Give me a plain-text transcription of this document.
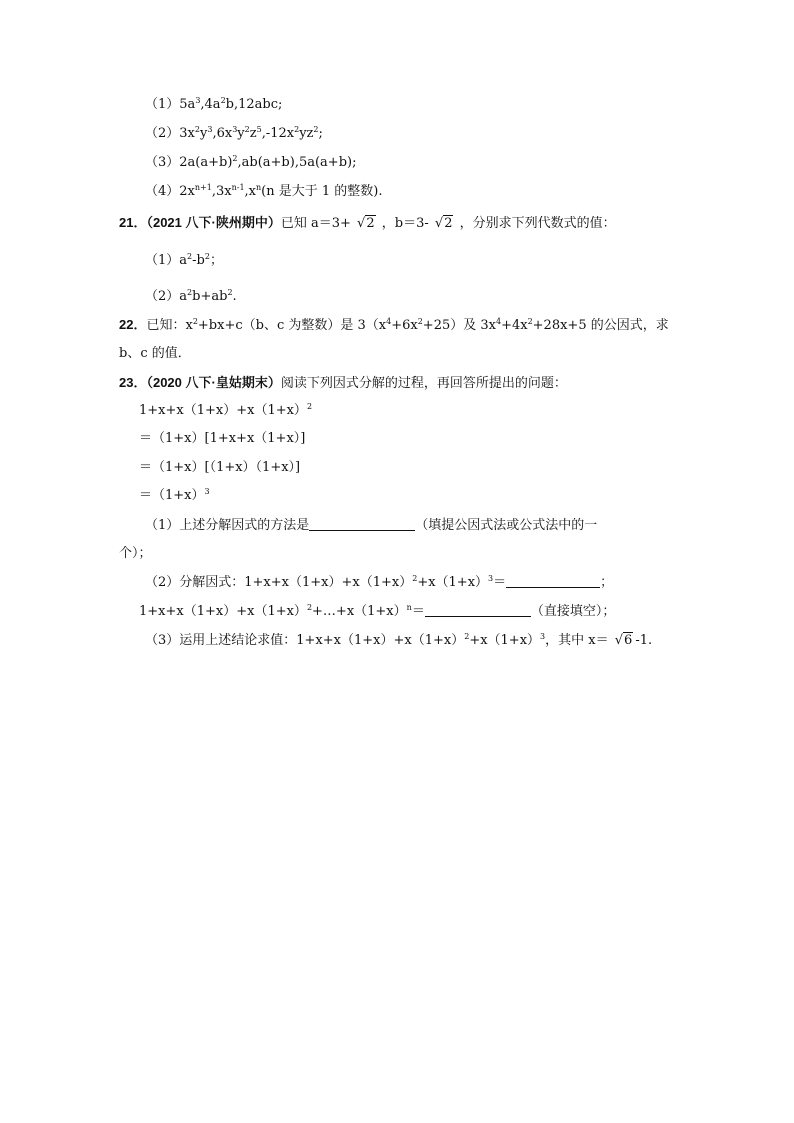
$(1)5a^3,4a^2b,12abc$;
$(2)3x^2y^3,6x^3y^2z^5,-12x^2yz^2$;
$(3)2a(a+b)^2,ab(a+b),5a(a+b)$;
$(4)2x^{n+1},3x^{n-1},x^n(n$ 是大于 1 的整数).
21．（2021 八下·陕州期中）已知 a＝3+ √2 ，b＝3- √2 ，分别求下列代数式的值：
$(1)a^2-b^2$；
$(2)a^2b+ab^2$.
22．已知：$x^2+bx+c(b$、c 为整数）是 $3(x^4+6x^2+25)$及 $3x^4+4x^2+28x+5$ 的公因式，求
b、c 的值．
23．（2020 八下·皇姑期末）阅读下列因式分解的过程，再回答所提出的问题：
$1+x+x(1+x)+x(1+x)^2$
＝（1+x）[1+x+x（1+x）]
＝（1+x）[（1+x）（1+x）]
$=(1+x)^3$
（1）上述分解因式的方法是	（填提公因式法或公式法中的一
个）；
（2）分解因式：$1+x+x(1+x)+x(1+x)^2+x(1+x)^3=$	；
$1+x+x(1+x)+x(1+x)^2+\dots+x(1+x)^n=$	（直接填空）；
（3）运用上述结论求值：$1+x+x(1+x)+x(1+x)^2+x(1+x)^3$，其中 x＝ √6 -1.
